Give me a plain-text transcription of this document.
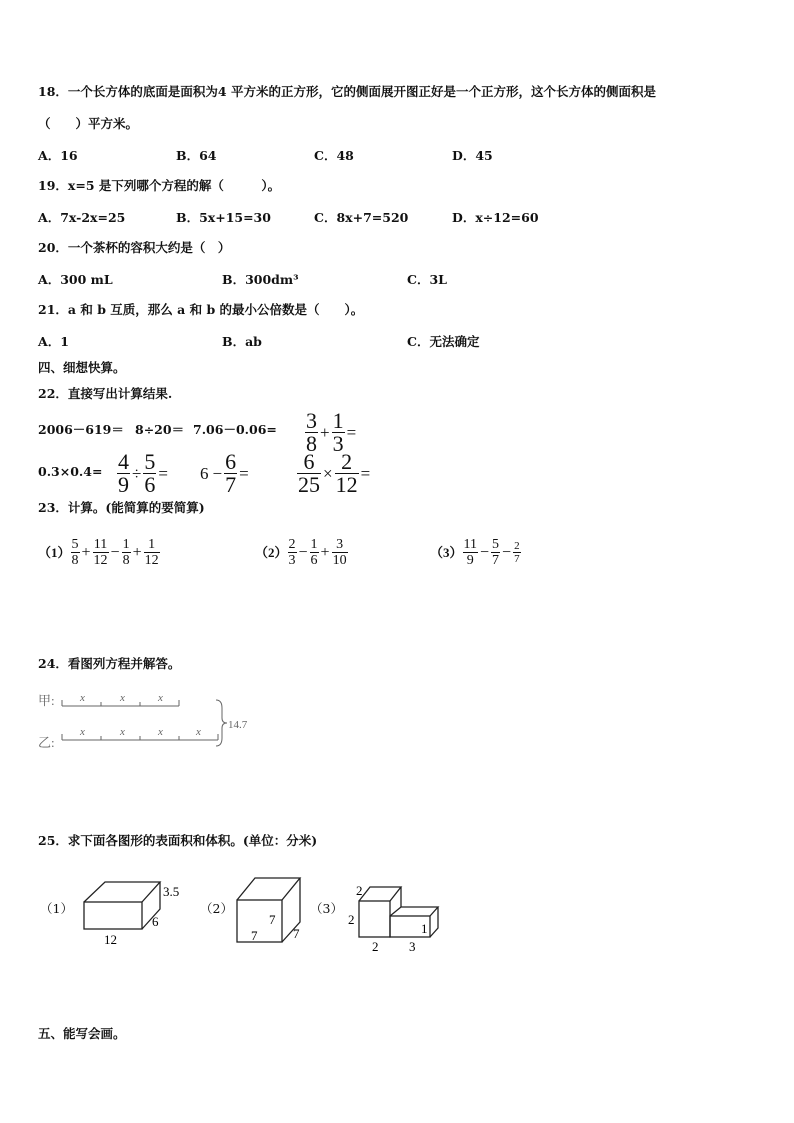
18．一个长方体的底面是面积为4 平方米的正方形，它的侧面展开图正好是一个正方形，这个长方体的侧面积是
（　　）平方米。
A．16	B．64	C．48	D．45
19．x=5 是下列哪个方程的解（　　　）。
A．7x-2x=25	B．5x+15=30	C．8x+7=520	D．x÷12=60
20．一个茶杯的容积大约是（　）
A．300 mL	B．300dm³	C．3L
21．a 和 b 互质，那么 a 和 b 的最小公倍数是（　　）。
A．1	B．ab	C．无法确定
四、细想快算。
22．直接写出计算结果.
$2006-619= 8\div 20= 7.06-0.06= \frac{3}{8} + \frac{1}{3}$ =
$0.3\times 0.4= \frac{4}{9} \div \frac{5}{6} = 6 - \frac{6}{7} = \frac{6}{25} \times \frac{2}{12}$ =
23．计算。(能简算的要简算)
$(1) \frac{5}{8} + \frac{11}{12} - \frac{1}{8} + \frac{1}{12}$	$(2) \frac{2}{3} - \frac{1}{6} + \frac{3}{10}$	$(3) \frac{11}{9} - \frac{5}{7} - \frac{2}{7}$
24．看图列方程并解答。
甲: x	x	x
乙:
x	x	x	x
14.7
25．求下面各图形的表面积和体积。(单位：分米)
（1）
3.5
6
12
（2）
7
7	7
（3）
2
2
1
2 3
五、能写会画。
